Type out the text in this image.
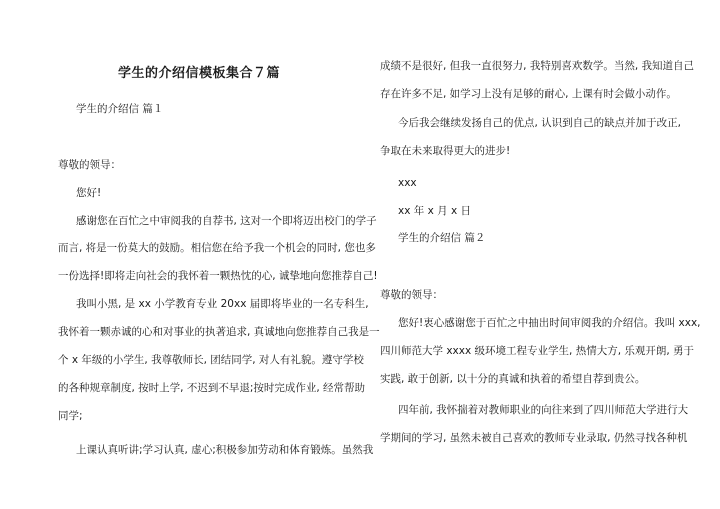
学生的介绍信模板集合７篇
学生的介绍信 篇１
尊敬的领导：
您好!
感谢您在百忙之中审阅我的自荐书, 这对一个即将迈出校门的学子
而言, 将是一份莫大的鼓励。相信您在给予我一个机会的同时, 您也多
一份选择!即将走向社会的我怀着一颗热忱的心, 诚挚地向您推荐自己!
我叫小黑, 是 xx 小学教育专业 20xx 届即将毕业的一名专科生,
我怀着一颗赤诚的心和对事业的执著追求, 真诚地向您推荐自己我是一
个 x 年级的小学生, 我尊敬师长, 团结同学, 对人有礼貌。遵守学校
的各种规章制度, 按时上学, 不迟到不早退;按时完成作业, 经常帮助
同学;
上课认真听讲;学习认真, 虚心;积极参加劳动和体育锻炼。虽然我
成绩不是很好, 但我一直很努力, 我特别喜欢数学。当然, 我知道自己
存在许多不足, 如学习上没有足够的耐心, 上课有时会做小动作。
今后我会继续发扬自己的优点, 认识到自己的缺点并加于改正,
争取在未来取得更大的进步!
xxx
xx 年 x 月 x 日
学生的介绍信 篇２
尊敬的领导：
您好!衷心感谢您于百忙之中抽出时间审阅我的介绍信。我叫 xxx,
四川师范大学 xxxx 级环境工程专业学生, 热情大方, 乐观开朗, 勇于
实践, 敢于创新, 以十分的真诚和执着的希望自荐到贵公。
四年前, 我怀揣着对教师职业的向往来到了四川师范大学进行大
学期间的学习, 虽然未被自己喜欢的教师专业录取, 仍然寻找各种机
